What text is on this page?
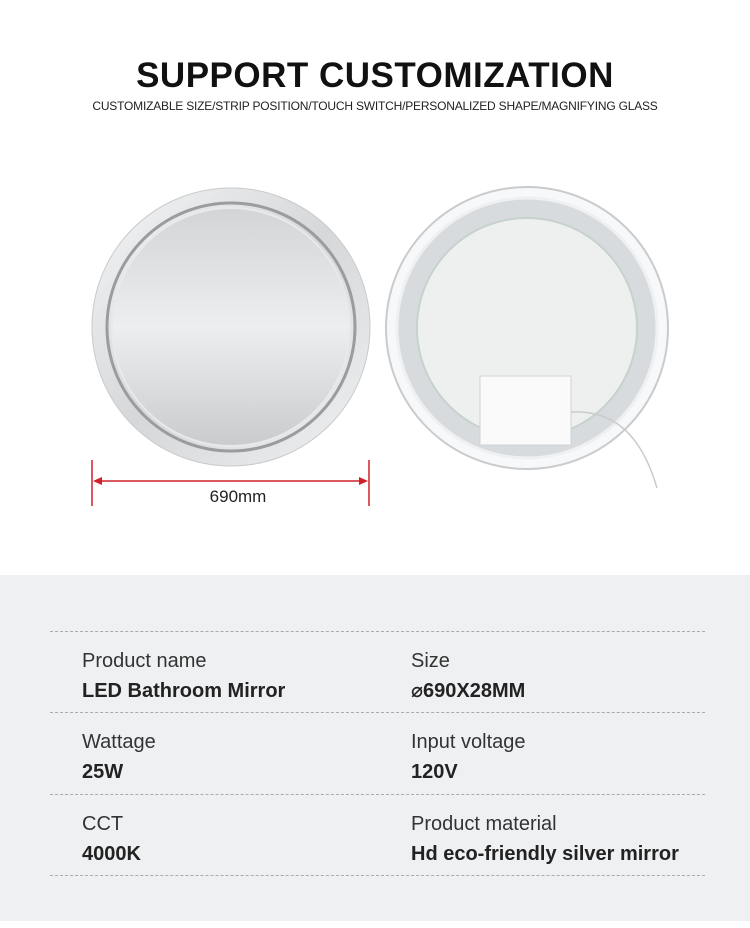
SUPPORT CUSTOMIZATION
CUSTOMIZABLE SIZE/STRIP POSITION/TOUCH SWITCH/PERSONALIZED SHAPE/MAGNIFYING GLASS
690mm
Product name
LED Bathroom Mirror
Size
⌀690X28MM
Wattage
25W
Input voltage
120V
CCT
4000K
Product material
Hd eco-friendly silver mirror
